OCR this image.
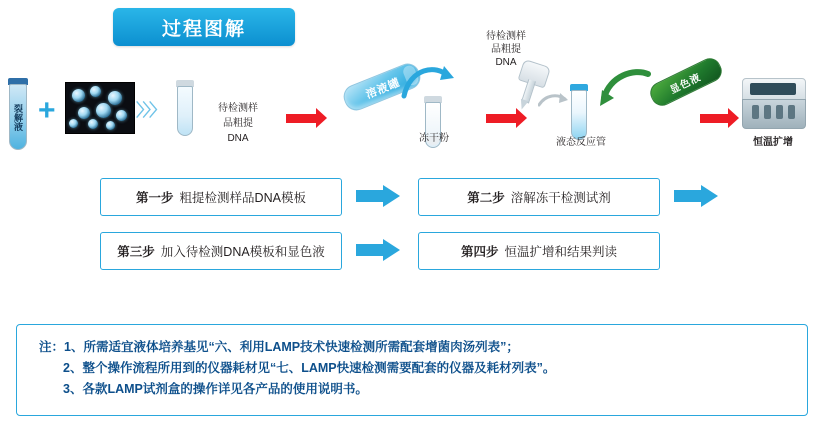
过程图解
裂解液 +	〉〉〉	待检测样
品粗提
DNA
溶液罐
冻干粉
待检测样
品粗提
DNA
液态反应管
显色液
恒温扩增
第一步 粗提检测样品DNA模板	第二步 溶解冻干检测试剂
第三步 加入待检测DNA模板和显色液	第四步 恒温扩增和结果判读
注：1、所需适宜液体培养基见“六、利用LAMP技术快速检测所需配套增菌肉汤列表”；
2、整个操作流程所用到的仪器耗材见“七、LAMP快速检测需要配套的仪器及耗材列表”。
3、各款LAMP试剂盒的操作详见各产品的使用说明书。
